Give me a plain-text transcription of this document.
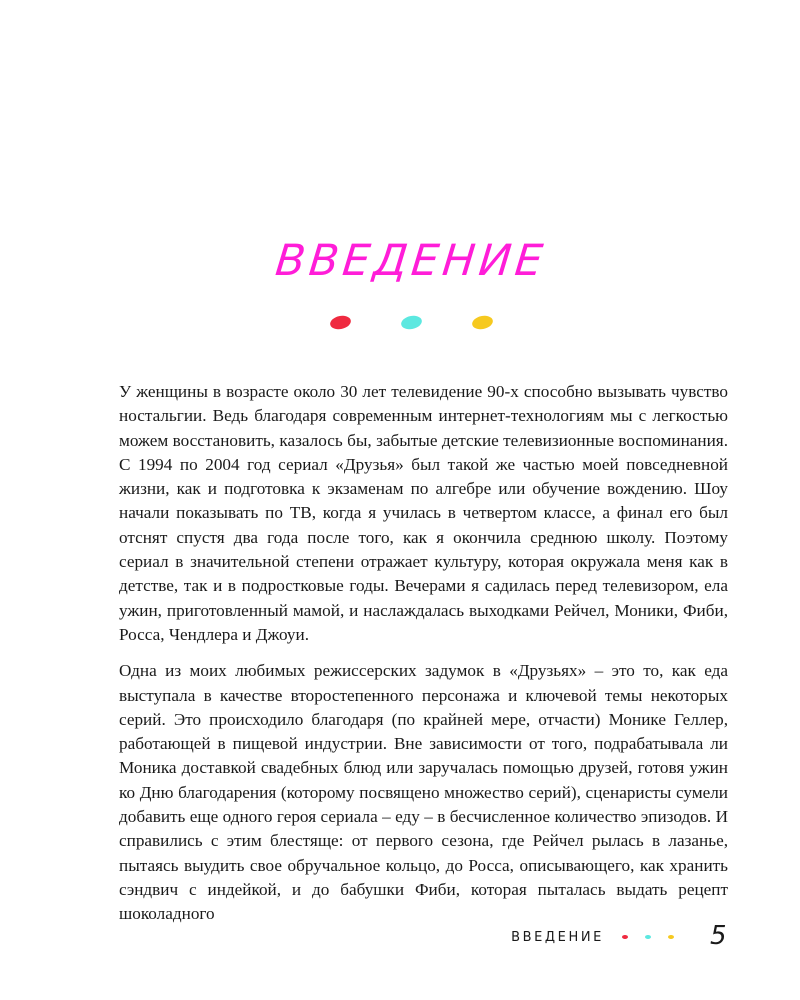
ВВЕДЕНИЕ

У женщины в возрасте около 30 лет телевидение 90-х способно вызывать чувство ностальгии. Ведь благодаря современным интернет-технологиям мы с легкостью можем восстановить, казалось бы, забытые детские телевизионные воспоминания. С 1994 по 2004 год сериал «Друзья» был такой же частью моей повседневной жизни, как и подготовка к экзаменам по алгебре или обучение вождению. Шоу начали показывать по ТВ, когда я училась в четвертом классе, а финал его был отснят спустя два года после того, как я окончила среднюю школу. Поэтому сериал в значительной степени отражает культуру, которая окружала меня как в детстве, так и в подростковые годы. Вечерами я садилась перед телевизором, ела ужин, приготовленный мамой, и наслаждалась выходками Рейчел, Моники, Фиби, Росса, Чендлера и Джоуи.

Одна из моих любимых режиссерских задумок в «Друзьях» – это то, как еда выступала в качестве второстепенного персонажа и ключевой темы некоторых серий. Это происходило благодаря (по крайней мере, отчасти) Монике Геллер, работающей в пищевой индустрии. Вне зависимости от того, подрабатывала ли Моника доставкой свадебных блюд или заручалась помощью друзей, готовя ужин ко Дню благодарения (которому посвящено множество серий), сценаристы сумели добавить еще одного героя сериала – еду – в бесчисленное количество эпизодов. И справились с этим блестяще: от первого сезона, где Рейчел рылась в лазанье, пытаясь выудить свое обручальное кольцо, до Росса, описывающего, как хранить сэндвич с индейкой, и до бабушки Фиби, которая пыталась выдать рецепт шоколадного

ВВЕДЕНИЕ	5
